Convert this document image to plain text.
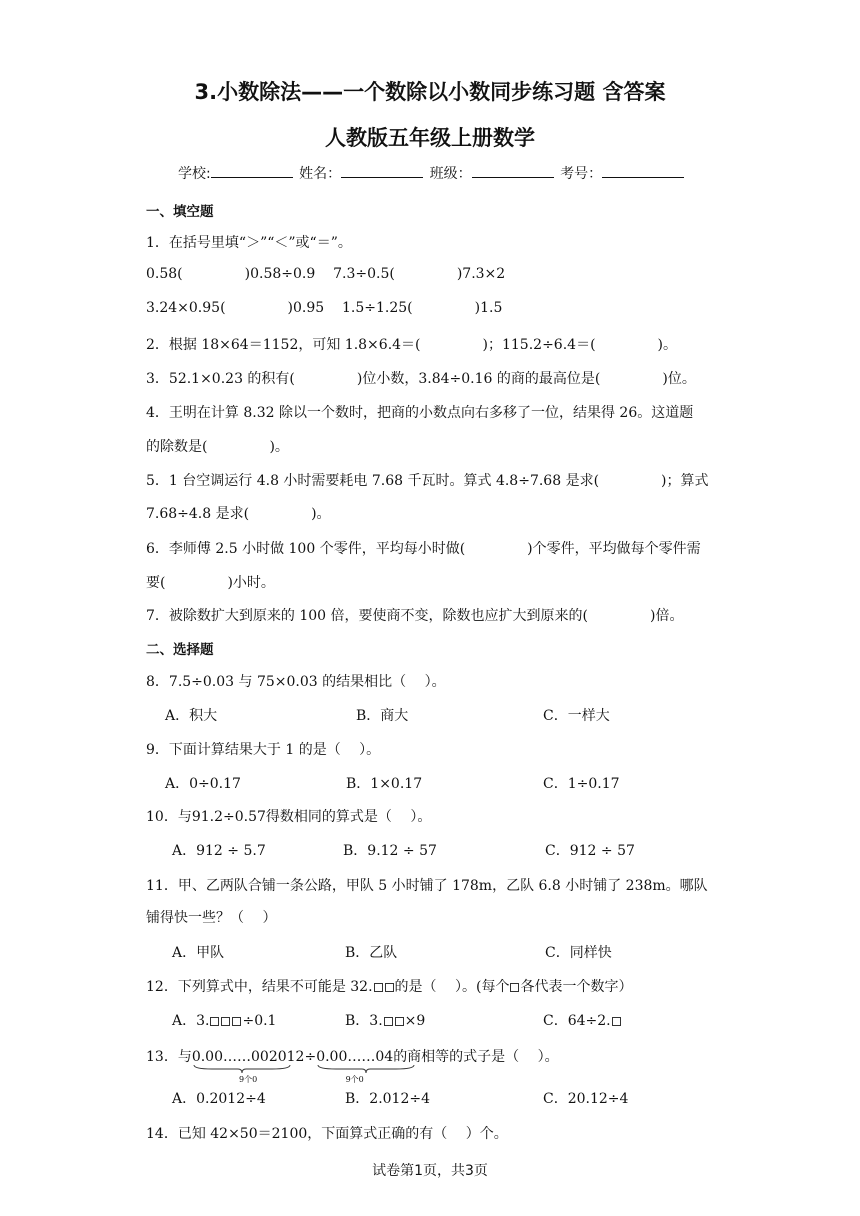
3.小数除法——一个数除以小数同步练习题 含答案
人教版五年级上册数学
学校:	姓名：	班级：	考号：
一、填空题
1．在括号里填“＞”“＜”或“＝”。
0.58(	)0.58÷0.9 7.3÷0.5(	)7.3×2
3.24×0.95(	)0.95 1.5÷1.25(	)1.5
2．根据 18×64＝1152，可知 1.8×6.4＝(	)；115.2÷6.4＝(	)。
3．52.1×0.23 的积有(	)位小数，3.84÷0.16 的商的最高位是(	)位。
4．王明在计算 8.32 除以一个数时，把商的小数点向右多移了一位，结果得 26。这道题
的除数是(	)。
5．1 台空调运行 4.8 小时需要耗电 7.68 千瓦时。算式 4.8÷7.68 是求(	)；算式
7.68÷4.8 是求(	)。
6．李师傅 2.5 小时做 100 个零件，平均每小时做(	)个零件，平均做每个零件需
要(	)小时。
7．被除数扩大到原来的 100 倍，要使商不变，除数也应扩大到原来的(	)倍。
二、选择题
8．7.5÷0.03 与 75×0.03 的结果相比（　 ）。
A．积大	B．商大	C．一样大
9．下面计算结果大于 1 的是（　 ）。
A．0÷0.17	B．1×0.17	C．1÷0.17
10．与91.2÷0.57得数相同的算式是（　 ）。
A．912 ÷ 5.7	B．9.12 ÷ 57	C．912 ÷ 57
11．甲、乙两队合铺一条公路，甲队 5 小时铺了 178m，乙队 6.8 小时铺了 238m。哪队
铺得快一些？（　 ）
A．甲队	B．乙队	C．同样快
12．下列算式中，结果不可能是 32. 的是（　 ）。(每个 各代表一个数字）
A．3. ÷0.1	B．3. ×9	C．64÷2.
13．与0.00……002012
9个0
÷0.00……04
9个0
的商相等的式子是（　 ）。
A．0.2012÷4	B．2.012÷4	C．20.12÷4
14．已知 42×50＝2100，下面算式正确的有（　 ）个。
试卷第1页，共3页
